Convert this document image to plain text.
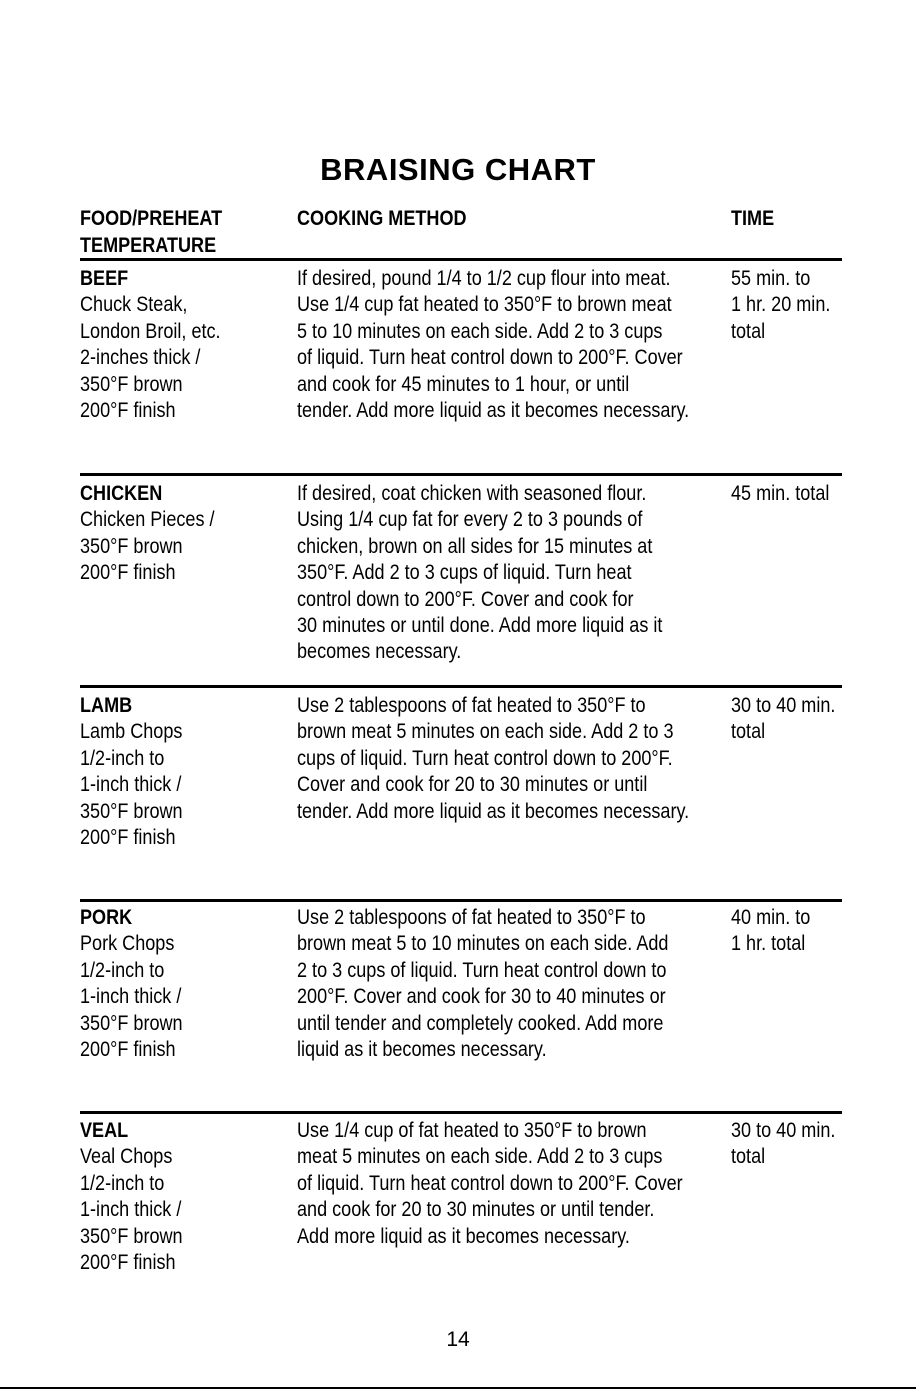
BRAISING CHART
FOOD/PREHEAT
TEMPERATURE
COOKING METHOD	TIME
BEEF
Chuck Steak,
London Broil, etc.
2-inches thick /
350°F brown
200°F finish
If desired, pound 1/4 to 1/2 cup flour into meat.
Use 1/4 cup fat heated to 350°F to brown meat
5 to 10 minutes on each side. Add 2 to 3 cups
of liquid. Turn heat control down to 200°F. Cover
and cook for 45 minutes to 1 hour, or until
tender. Add more liquid as it becomes necessary.
55 min. to
1 hr. 20 min.
total
CHICKEN
Chicken Pieces /
350°F brown
200°F finish
If desired, coat chicken with seasoned flour.
Using 1/4 cup fat for every 2 to 3 pounds of
chicken, brown on all sides for 15 minutes at
350°F. Add 2 to 3 cups of liquid. Turn heat
control down to 200°F. Cover and cook for
30 minutes or until done. Add more liquid as it
becomes necessary.
45 min. total
LAMB
Lamb Chops
1/2-inch to
1-inch thick /
350°F brown
200°F finish
Use 2 tablespoons of fat heated to 350°F to
brown meat 5 minutes on each side. Add 2 to 3
cups of liquid. Turn heat control down to 200°F.
Cover and cook for 20 to 30 minutes or until
tender. Add more liquid as it becomes necessary.
30 to 40 min.
total
PORK
Pork Chops
1/2-inch to
1-inch thick /
350°F brown
200°F finish
Use 2 tablespoons of fat heated to 350°F to
brown meat 5 to 10 minutes on each side. Add
2 to 3 cups of liquid. Turn heat control down to
200°F. Cover and cook for 30 to 40 minutes or
until tender and completely cooked. Add more
liquid as it becomes necessary.
40 min. to
1 hr. total
VEAL
Veal Chops
1/2-inch to
1-inch thick /
350°F brown
200°F finish
Use 1/4 cup of fat heated to 350°F to brown
meat 5 minutes on each side. Add 2 to 3 cups
of liquid. Turn heat control down to 200°F. Cover
and cook for 20 to 30 minutes or until tender.
Add more liquid as it becomes necessary.
30 to 40 min.
total
14
